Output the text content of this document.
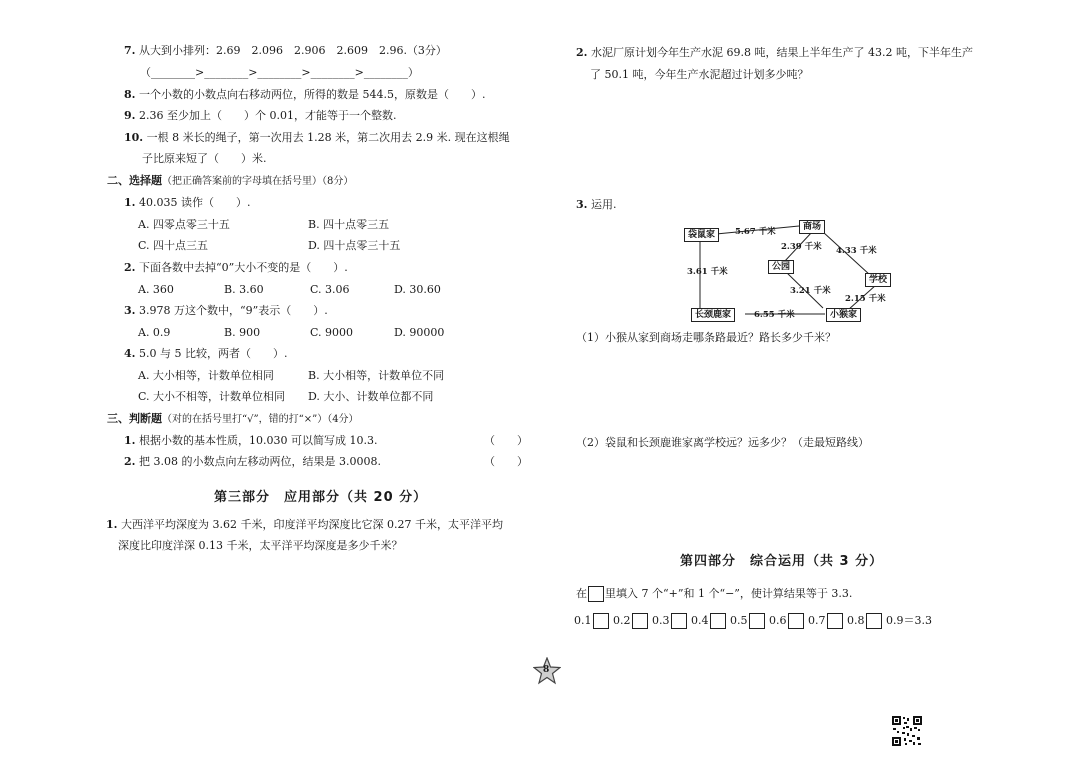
7. 从大到小排列：2.69　2.096　2.906　2.609　2.96.（3分）
（________>________>________>________>________）
8. 一个小数的小数点向右移动两位，所得的数是 544.5，原数是（　　）.
9. 2.36 至少加上（　　）个 0.01，才能等于一个整数.
10. 一根 8 米长的绳子，第一次用去 1.28 米，第二次用去 2.9 米. 现在这根绳
子比原来短了（　　）米.
二、选择题（把正确答案前的字母填在括号里）（8分）
1. 40.035 读作（　　）.
A. 四零点零三十五	B. 四十点零三五
C. 四十点三五	D. 四十点零三十五
2. 下面各数中去掉“0”大小不变的是（　　）.
A. 360	B. 3.60	C. 3.06	D. 30.60
3. 3.978 万这个数中，“9”表示（　　）.
A. 0.9	B. 900	C. 9000	D. 90000
4. 5.0 与 5 比较，两者（　　）.
A. 大小相等，计数单位相同	B. 大小相等，计数单位不同
C. 大小不相等，计数单位相同 D. 大小、计数单位都不同
三、判断题（对的在括号里打“√”，错的打“×”）（4分）
1. 根据小数的基本性质，10.030 可以简写成 10.3.	（　　）
2. 把 3.08 的小数点向左移动两位，结果是 3.0008.	（　　）
第三部分　应用部分（共 20 分）
1. 大西洋平均深度为 3.62 千米，印度洋平均深度比它深 0.27 千米，太平洋平均
深度比印度洋深 0.13 千米，太平洋平均深度是多少千米？
2. 水泥厂原计划今年生产水泥 69.8 吨，结果上半年生产了 43.2 吨，下半年生产
了 50.1 吨，今年生产水泥超过计划多少吨？
3. 运用.
袋鼠家
商场
公园
学校
长颈鹿家	小猴家
5.67 千米
2.39 千米 4.33 千米
3.61 千米
3.21 千米
2.15 千米
6.55 千米
（1）小猴从家到商场走哪条路最近？路长多少千米？
（2）袋鼠和长颈鹿谁家离学校远？远多少？（走最短路线）
第四部分　综合运用（共 3 分）
在 里填入 7 个“+”和 1 个“−”，使计算结果等于 3.3.
0.1 0.2 0.3 0.4 0.5 0.6 0.7 0.8 0.9＝3.3
8
